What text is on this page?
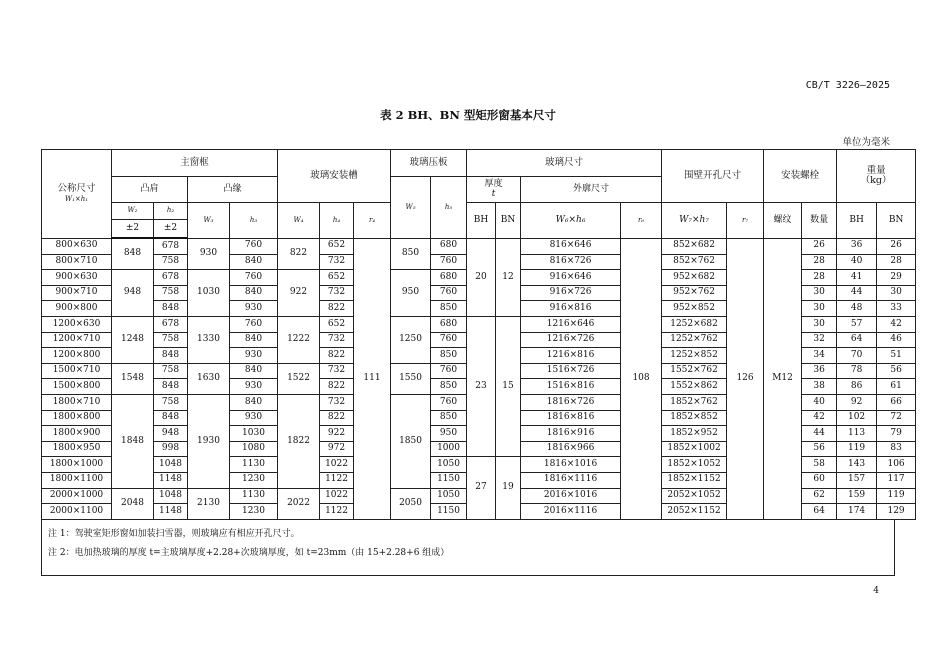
CB/T 3226—2025
表 2 BH、BN 型矩形窗基本尺寸
单位为毫米
公称尺寸
W₁×h₁	主窗框				玻璃安装槽			玻璃压板		玻璃尺寸				围壁开孔尺寸		安装螺栓		重量
（kg）	
	凸肩		凸缘					W₅	h₅	厚度
t		外廓尺寸							
	W₂	h₂	W₃	h₃	W₄	h₄	r₄			BH	BN	W₆×h₆	r₆	W₇×h₇	r₇	螺纹	数量	BH	BN
	±2	±2																	
800×630	848	678	930	760	822	652	111	850	680	20	12	816×646	108	852×682	126	M12	26	36	26
800×710		758		840		732			760			816×726		852×762			28	40	28
900×630	948	678	1030	760	922	652		950	680			916×646		952×682			28	41	29
900×710		758		840		732			760			916×726		952×762			30	44	30
900×800		848		930		822			850			916×816		952×852			30	48	33
1200×630	1248	678	1330	760	1222	652		1250	680	23	15	1216×646		1252×682			30	57	42
1200×710		758		840		732			760			1216×726		1252×762			32	64	46
1200×800		848		930		822			850			1216×816		1252×852			34	70	51
1500×710	1548	758	1630	840	1522	732		1550	760			1516×726		1552×762			36	78	56
1500×800		848		930		822			850			1516×816		1552×862			38	86	61
1800×710	1848	758	1930	840	1822	732		1850	760			1816×726		1852×762			40	92	66
1800×800		848		930		822			850			1816×816		1852×852			42	102	72
1800×900		948		1030		922			950			1816×916		1852×952			44	113	79
1800×950		998		1080		972			1000			1816×966		1852×1002			56	119	83
1800×1000		1048		1130		1022			1050	27	19	1816×1016		1852×1052			58	143	106
1800×1100		1148		1230		1122			1150			1816×1116		1852×1152			60	157	117
2000×1000	2048	1048	2130	1130	2022	1022		2050	1050			2016×1016		2052×1052			62	159	119
2000×1100		1148		1230		1122			1150			2016×1116		2052×1152			64	174	129
注 1：驾驶室矩形窗如加装扫雪器，则玻璃应有相应开孔尺寸。
注 2：电加热玻璃的厚度 t=主玻璃厚度+2.28+次玻璃厚度，如 t=23mm（由 15+2.28+6 组成）
4
